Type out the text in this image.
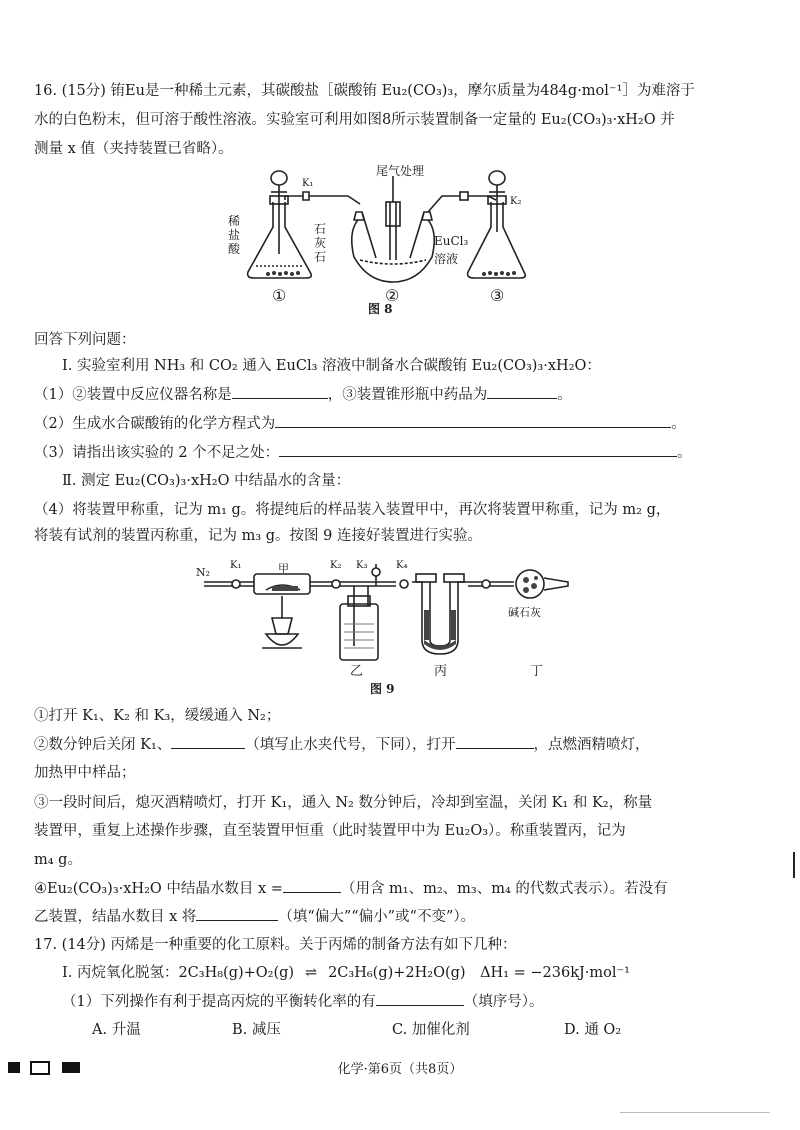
16. (15分) 铕Eu是一种稀土元素，其碳酸盐［碳酸铕 Eu₂(CO₃)₃，摩尔质量为484g·mol⁻¹］为难溶于
水的白色粉末，但可溶于酸性溶液。实验室可利用如图8所示装置制备一定量的 Eu₂(CO₃)₃·xH₂O 并
测量 x 值（夹持装置已省略）。
尾气处理
K₁
K₂
稀盐酸
石灰石
EuCl₃
溶液
①	②	③
图 8
回答下列问题：
Ⅰ. 实验室利用 NH₃ 和 CO₂ 通入 EuCl₃ 溶液中制备水合碳酸铕 Eu₂(CO₃)₃·xH₂O：
（1）②装置中反应仪器名称是	，③装置锥形瓶中药品为	。
（2）生成水合碳酸铕的化学方程式为	。
（3）请指出该实验的 2 个不足之处：	。
Ⅱ. 测定 Eu₂(CO₃)₃·xH₂O 中结晶水的含量：
（4）将装置甲称重，记为 m₁ g。将提纯后的样品装入装置甲中，再次将装置甲称重，记为 m₂ g，
将装有试剂的装置丙称重，记为 m₃ g。按图 9 连接好装置进行实验。
N₂
K₁	甲	K₂ K₃	K₄
乙	丙	丁
碱石灰
图 9
①打开 K₁、K₂ 和 K₃，缓缓通入 N₂；
②数分钟后关闭 K₁、	（填写止水夹代号，下同），打开	，点燃酒精喷灯，
加热甲中样品；
③一段时间后，熄灭酒精喷灯，打开 K₁，通入 N₂ 数分钟后，冷却到室温，关闭 K₁ 和 K₂，称量
装置甲，重复上述操作步骤，直至装置甲恒重（此时装置甲中为 Eu₂O₃）。称重装置丙，记为
m₄ g。
④Eu₂(CO₃)₃·xH₂O 中结晶水数目 x =	（用含 m₁、m₂、m₃、m₄ 的代数式表示）。若没有
乙装置，结晶水数目 x 将	（填“偏大”“偏小”或“不变”）。
17. (14分) 丙烯是一种重要的化工原料。关于丙烯的制备方法有如下几种：
Ⅰ. 丙烷氧化脱氢：2C₃H₈(g)+O₂(g) ⇌ 2C₃H₆(g)+2H₂O(g)　ΔH₁ = −236kJ·mol⁻¹
（1）下列操作有利于提高丙烷的平衡转化率的有	（填序号）。
A. 升温	B. 减压	C. 加催化剂	D. 通 O₂
化学·第6页（共8页）
